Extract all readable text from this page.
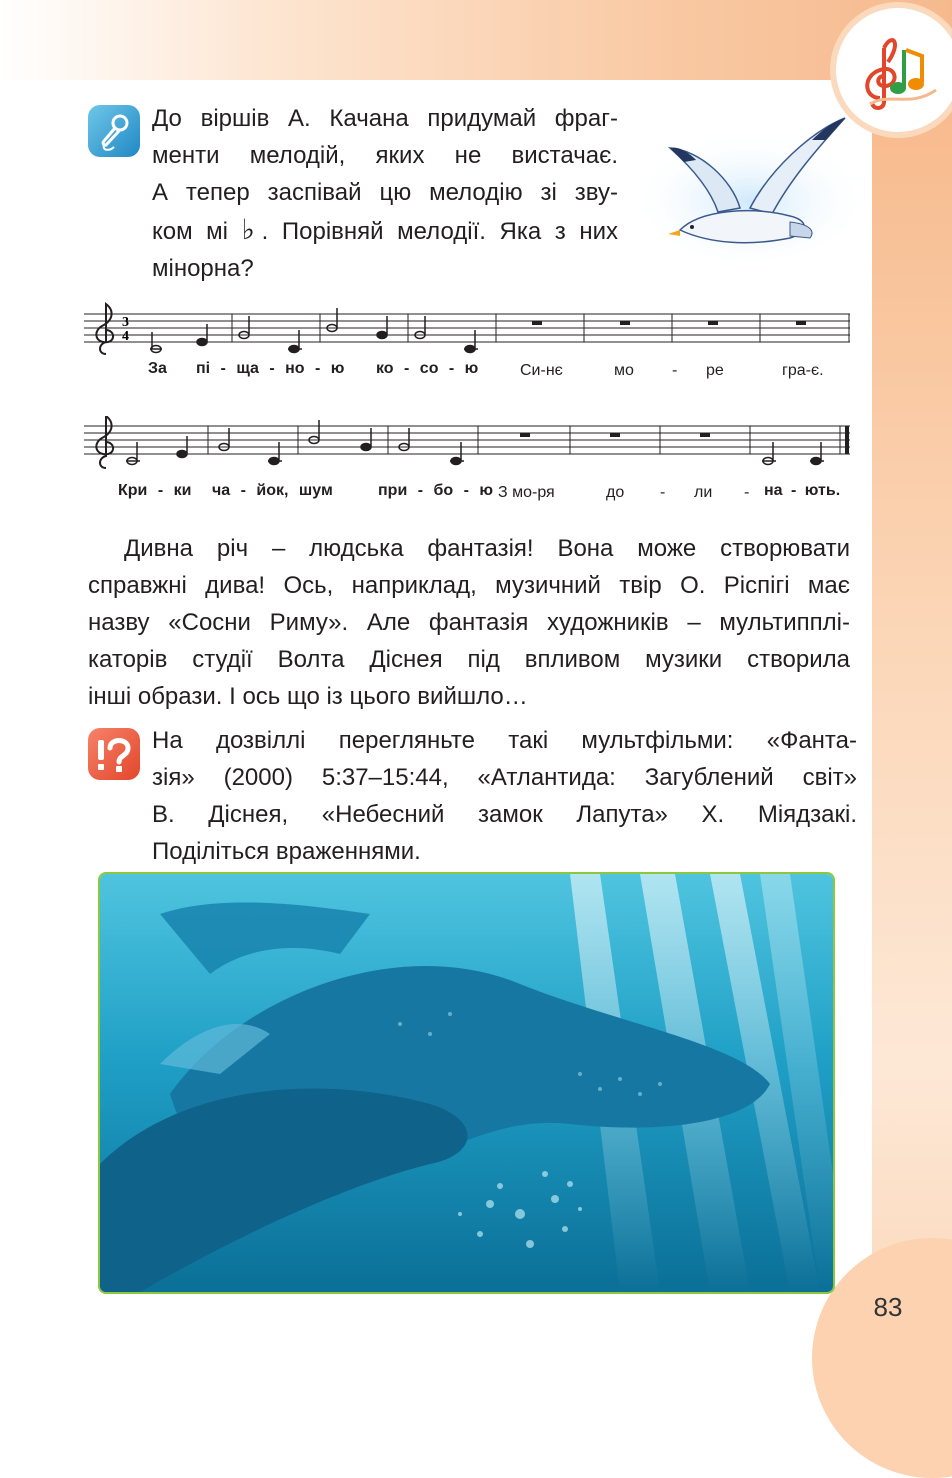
До віршів А. Качана придумай фраг-
менти мелодій, яких не вистачає.
А тепер заспівай цю мелодію зі зву-
ком мі ♭. Порівняй мелодії. Яка з них
мінорна?
3
4
За пі - ща - но - ю ко - со - ю	Си-нє	мо - ре	гра-є.
Кри - ки ча - йок, шум	при - бо - ю З мо-ря	до - ли - на - ють.
Дивна річ – людська фантазія! Вона може створювати
справжні дива! Ось, наприклад, музичний твір О. Ріспігі має
назву «Сосни Риму». Але фантазія художників – мультипплі-
каторів студії Волта Діснея під впливом музики створила
інші образи. І ось що із цього вийшло…
На дозвіллі перегляньте такі мультфільми: «Фанта-
зія» (2000) 5:37–15:44, «Атлантида: Загублений світ»
В. Діснея, «Небесний замок Лапута» Х. Міядзакі.
Поділіться враженнями.
83
